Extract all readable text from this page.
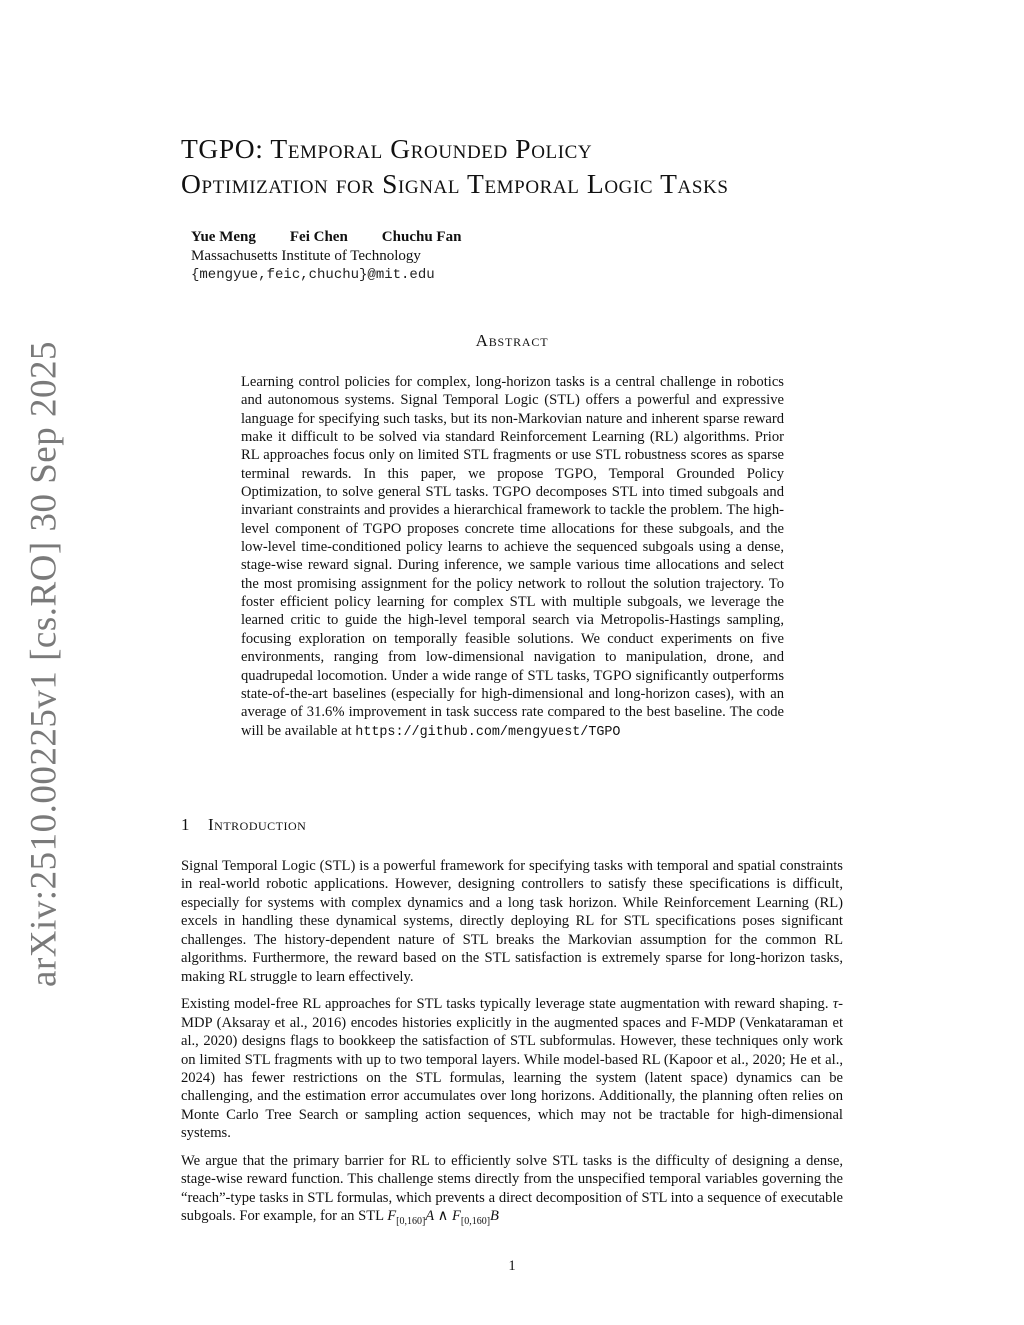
arXiv:2510.00225v1 [cs.RO] 30 Sep 2025
TGPO: Temporal Grounded Policy
Optimization for Signal Temporal Logic Tasks
Yue Meng Fei Chen Chuchu Fan
Massachusetts Institute of Technology
{mengyue,feic,chuchu}@mit.edu
Abstract

Learning control policies for complex, long-horizon tasks is a central challenge in robotics and autonomous systems. Signal Temporal Logic (STL) offers a powerful and expressive language for specifying such tasks, but its non-Markovian nature and inherent sparse reward make it difficult to be solved via standard Reinforcement Learning (RL) algorithms. Prior RL approaches focus only on limited STL fragments or use STL robustness scores as sparse terminal rewards. In this paper, we propose TGPO, Temporal Grounded Policy Optimization, to solve general STL tasks. TGPO decomposes STL into timed subgoals and invariant constraints and provides a hierarchical framework to tackle the problem. The high-level component of TGPO proposes concrete time allocations for these subgoals, and the low-level time-conditioned policy learns to achieve the sequenced subgoals using a dense, stage-wise reward signal. During inference, we sample various time allocations and select the most promising assignment for the policy network to rollout the solution trajectory. To foster efficient policy learning for complex STL with multiple subgoals, we leverage the learned critic to guide the high-level temporal search via Metropolis-Hastings sampling, focusing exploration on temporally feasible solutions. We conduct experiments on five environments, ranging from low-dimensional navigation to manipulation, drone, and quadrupedal locomotion. Under a wide range of STL tasks, TGPO significantly outperforms state-of-the-art baselines (especially for high-dimensional and long-horizon cases), with an average of 31.6% improvement in task success rate compared to the best baseline. The code will be available at https://github.com/mengyuest/TGPO

1 Introduction

Signal Temporal Logic (STL) is a powerful framework for specifying tasks with temporal and spatial constraints in real-world robotic applications. However, designing controllers to satisfy these specifications is difficult, especially for systems with complex dynamics and a long task horizon. While Reinforcement Learning (RL) excels in handling these dynamical systems, directly deploying RL for STL specifications poses significant challenges. The history-dependent nature of STL breaks the Markovian assumption for the common RL algorithms. Furthermore, the reward based on the STL satisfaction is extremely sparse for long-horizon tasks, making RL struggle to learn effectively.

Existing model-free RL approaches for STL tasks typically leverage state augmentation with reward shaping. τ-MDP (Aksaray et al., 2016) encodes histories explicitly in the augmented spaces and F-MDP (Venkataraman et al., 2020) designs flags to bookkeep the satisfaction of STL subformulas. However, these techniques only work on limited STL fragments with up to two temporal layers. While model-based RL (Kapoor et al., 2020; He et al., 2024) has fewer restrictions on the STL formulas, learning the system (latent space) dynamics can be challenging, and the estimation error accumulates over long horizons. Additionally, the planning often relies on Monte Carlo Tree Search or sampling action sequences, which may not be tractable for high-dimensional systems.

We argue that the primary barrier for RL to efficiently solve STL tasks is the difficulty of designing a dense, stage-wise reward function. This challenge stems directly from the unspecified temporal variables governing the “reach”-type tasks in STL formulas, which prevents a direct decomposition of STL into a sequence of executable subgoals. For example, for an STL $F_{[0,160]}A$ ∧ $F_{[0,160]}B$

1
